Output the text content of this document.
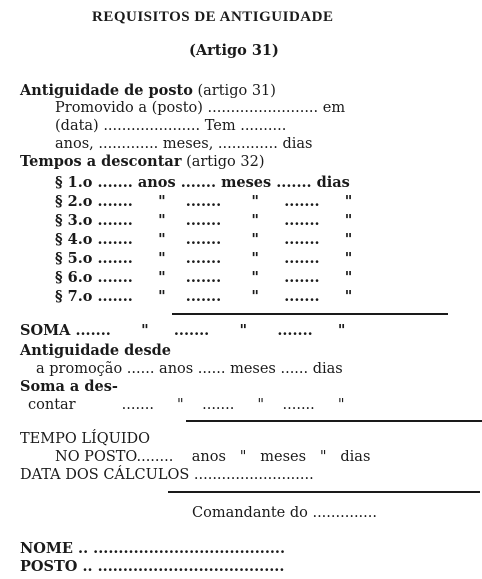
REQUISITOS DE ANTIGUIDADE
(Artigo 31)
Antiguidade de posto (artigo 31)
Promovido a (posto) ........................ em
(data) ..................... Tem ..........
anos, ............. meses, ............. dias
Tempos a descontar (artigo 32)
§ 1.o ....... anos ....... meses ....... dias
§ 2.o .......     "    .......      "     .......     "
§ 3.o .......     "    .......      "     .......     "
§ 4.o .......     "    .......      "     .......     "
§ 5.o .......     "    .......      "     .......     "
§ 6.o .......     "    .......      "     .......     "
§ 7.o .......     "    .......      "     .......     "
SOMA .......      "     .......      "      .......     "
Antiguidade desde
a promoção ...... anos ...... meses ...... dias
Soma a des-
contar          .......     "    .......     "    .......     "
TEMPO LÍQUIDO
NO POSTO........    anos   "   meses   "   dias
DATA DOS CÁLCULOS ..........................
Comandante do ..............
NOME .. ......................................
POSTO .. .....................................
